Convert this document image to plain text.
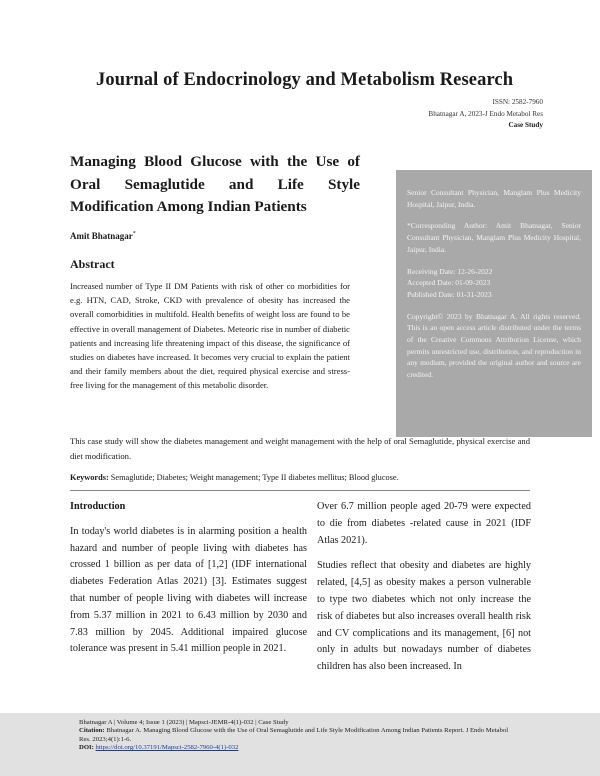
Journal of Endocrinology and Metabolism Research
ISSN: 2582-7960
Bhatnagar A, 2023-J Endo Metabol Res
Case Study
Managing Blood Glucose with the Use of Oral Semaglutide and Life Style Modification Among Indian Patients
Amit Bhatnagar*
Abstract
Increased number of Type II DM Patients with risk of other co morbidities for e.g. HTN, CAD, Stroke, CKD with prevalence of obesity has increased the overall comorbidities in multifold. Health benefits of weight loss are found to be effective in overall management of Diabetes. Meteoric rise in number of diabetic patients and increasing life threatening impact of this disease, the significance of studies on diabetes have increased. It becomes very crucial to explain the patient and their family members about the diet, required physical exercise and stress-free living for the management of this metabolic disorder.

Senior Consultant Physician, Manglam Plus Medicity Hospital, Jaipur, India.

*Corresponding Author: Amit Bhatnagar, Senior Consultant Physician, Manglam Plus Medicity Hospital, Jaipur, India.

Receiving Date: 12-26-2022
Accepted Date: 01-09-2023
Published Date: 01-31-2023

Copyright© 2023 by Bhatnagar A. All rights reserved. This is an open access article distributed under the terms of the Creative Commons Attribution License, which permits unrestricted use, distribution, and reproduction in any medium, provided the original author and source are credited.

This case study will show the diabetes management and weight management with the help of oral Semaglutide, physical exercise and diet modification.
Keywords: Semaglutide; Diabetes; Weight management; Type II diabetes mellitus; Blood glucose.
Introduction

In today's world diabetes is in alarming position a health hazard and number of people living with diabetes has crossed 1 billion as per data of [1,2] (IDF international diabetes Federation Atlas 2021) [3]. Estimates suggest that number of people living with diabetes will increase from 5.37 million in 2021 to 6.43 million by 2030 and 7.83 million by 2045. Additional impaired glucose tolerance was present in 5.41 million people in 2021.

Over 6.7 million people aged 20-79 were expected to die from diabetes -related cause in 2021 (IDF Atlas 2021).

Studies reflect that obesity and diabetes are highly related, [4,5] as obesity makes a person vulnerable to type two diabetes which not only increase the risk of diabetes but also increases overall health risk and CV complications and its management, [6] not only in adults but nowadays number of diabetes children has also been increased. In

Bhatnagar A | Volume 4; Issue 1 (2023) | Mapsci-JEMR-4(1)-032 | Case Study
Citation: Bhatnagar A. Managing Blood Glucose with the Use of Oral Semaglutide and Life Style Modification Among Indian Patients Report. J Endo Metabol Res. 2023;4(1):1-6.
DOI: https://doi.org/10.37191/Mapsci-2582-7960-4(1)-032
